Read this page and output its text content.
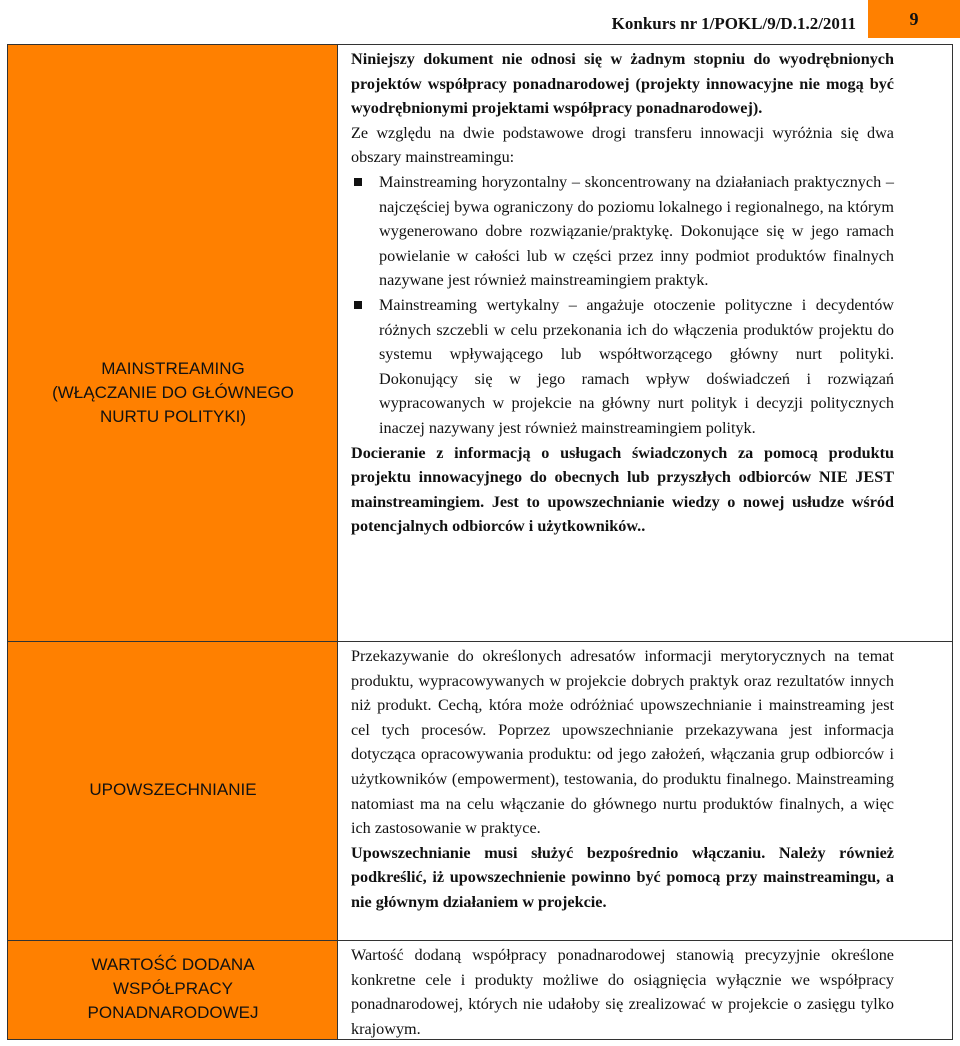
Konkurs nr 1/POKL/9/D.1.2/2011	9
MAINSTREAMING
(WŁĄCZANIE DO GŁÓWNEGO
NURTU POLITYKI)
UPOWSZECHNIANIE
WARTOŚĆ DODANA
WSPÓŁPRACY
PONADNARODOWEJ

Niniejszy dokument nie odnosi się w żadnym stopniu do wyodrębnionych projektów współpracy ponadnarodowej (projekty innowacyjne nie mogą być wyodrębnionymi projektami współpracy ponadnarodowej).

Ze względu na dwie podstawowe drogi transferu innowacji wyróżnia się dwa obszary mainstreamingu:

Mainstreaming horyzontalny – skoncentrowany na działaniach praktycznych – najczęściej bywa ograniczony do poziomu lokalnego i regionalnego, na którym wygenerowano dobre rozwiązanie/praktykę. Dokonujące się w jego ramach powielanie w całości lub w części przez inny podmiot produktów finalnych nazywane jest również mainstreamingiem praktyk.
Mainstreaming wertykalny – angażuje otoczenie polityczne i decydentów różnych szczebli w celu przekonania ich do włączenia produktów projektu do systemu wpływającego lub współtworzącego główny nurt polityki. Dokonujący się w jego ramach wpływ doświadczeń i rozwiązań wypracowanych w projekcie na główny nurt polityk i decyzji politycznych inaczej nazywany jest również mainstreamingiem polityk.

Docieranie z informacją o usługach świadczonych za pomocą produktu projektu innowacyjnego do obecnych lub przyszłych odbiorców NIE JEST mainstreamingiem. Jest to upowszechnianie wiedzy o nowej usłudze wśród potencjalnych odbiorców i użytkowników..

Przekazywanie do określonych adresatów informacji merytorycznych na temat produktu, wypracowywanych w projekcie dobrych praktyk oraz rezultatów innych niż produkt. Cechą, która może odróżniać upowszechnianie i mainstreaming jest cel tych procesów. Poprzez upowszechnianie przekazywana jest informacja dotycząca opracowywania produktu: od jego założeń, włączania grup odbiorców i użytkowników (empowerment), testowania, do produktu finalnego. Mainstreaming natomiast ma na celu włączanie do głównego nurtu produktów finalnych, a więc ich zastosowanie w praktyce.

Upowszechnianie musi służyć bezpośrednio włączaniu. Należy również podkreślić, iż upowszechnienie powinno być pomocą przy mainstreamingu, a nie głównym działaniem w projekcie.

Wartość dodaną współpracy ponadnarodowej stanowią precyzyjnie określone konkretne cele i produkty możliwe do osiągnięcia wyłącznie we współpracy ponadnarodowej, których nie udałoby się zrealizować w projekcie o zasięgu tylko krajowym.
